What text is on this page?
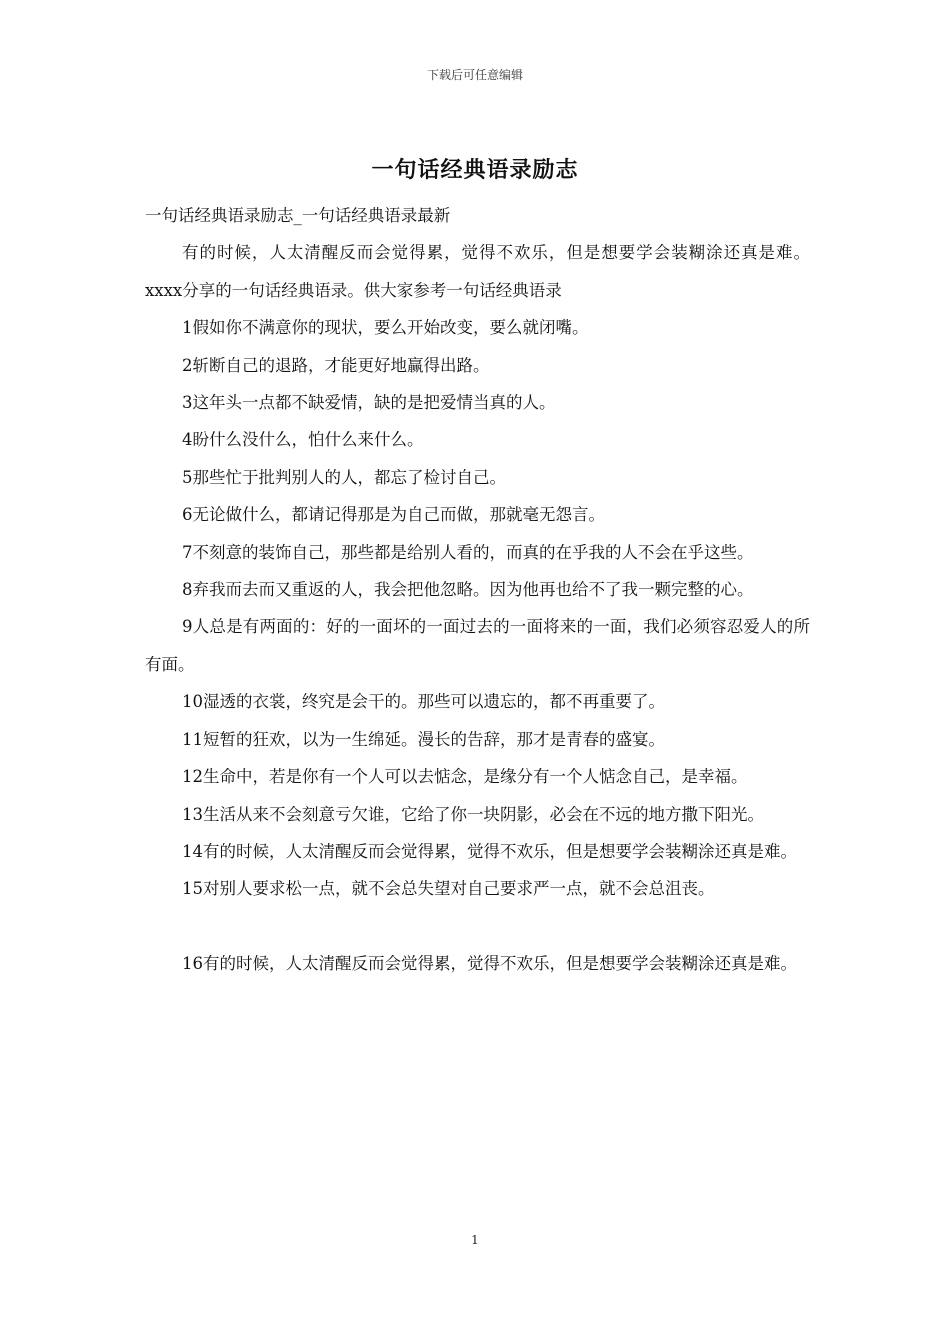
下载后可任意编辑
一句话经典语录励志

一句话经典语录励志_一句话经典语录最新

有的时候，人太清醒反而会觉得累，觉得不欢乐，但是想要学会装糊涂还真是难。xxxx分享的一句话经典语录。供大家参考一句话经典语录

1假如你不满意你的现状，要么开始改变，要么就闭嘴。

2斩断自己的退路，才能更好地赢得出路。

3这年头一点都不缺爱情，缺的是把爱情当真的人。

4盼什么没什么，怕什么来什么。

5那些忙于批判别人的人，都忘了检讨自己。

6无论做什么，都请记得那是为自己而做，那就毫无怨言。

7不刻意的装饰自己，那些都是给别人看的，而真的在乎我的人不会在乎这些。

8弃我而去而又重返的人，我会把他忽略。因为他再也给不了我一颗完整的心。

9人总是有两面的：好的一面坏的一面过去的一面将来的一面，我们必须容忍爱人的所有面。

10湿透的衣裳，终究是会干的。那些可以遗忘的，都不再重要了。

11短暂的狂欢，以为一生绵延。漫长的告辞，那才是青春的盛宴。

12生命中，若是你有一个人可以去惦念，是缘分有一个人惦念自己，是幸福。

13生活从来不会刻意亏欠谁，它给了你一块阴影，必会在不远的地方撒下阳光。

14有的时候，人太清醒反而会觉得累，觉得不欢乐，但是想要学会装糊涂还真是难。

15对别人要求松一点，就不会总失望对自己要求严一点，就不会总沮丧。

16有的时候，人太清醒反而会觉得累，觉得不欢乐，但是想要学会装糊涂还真是难。

1
